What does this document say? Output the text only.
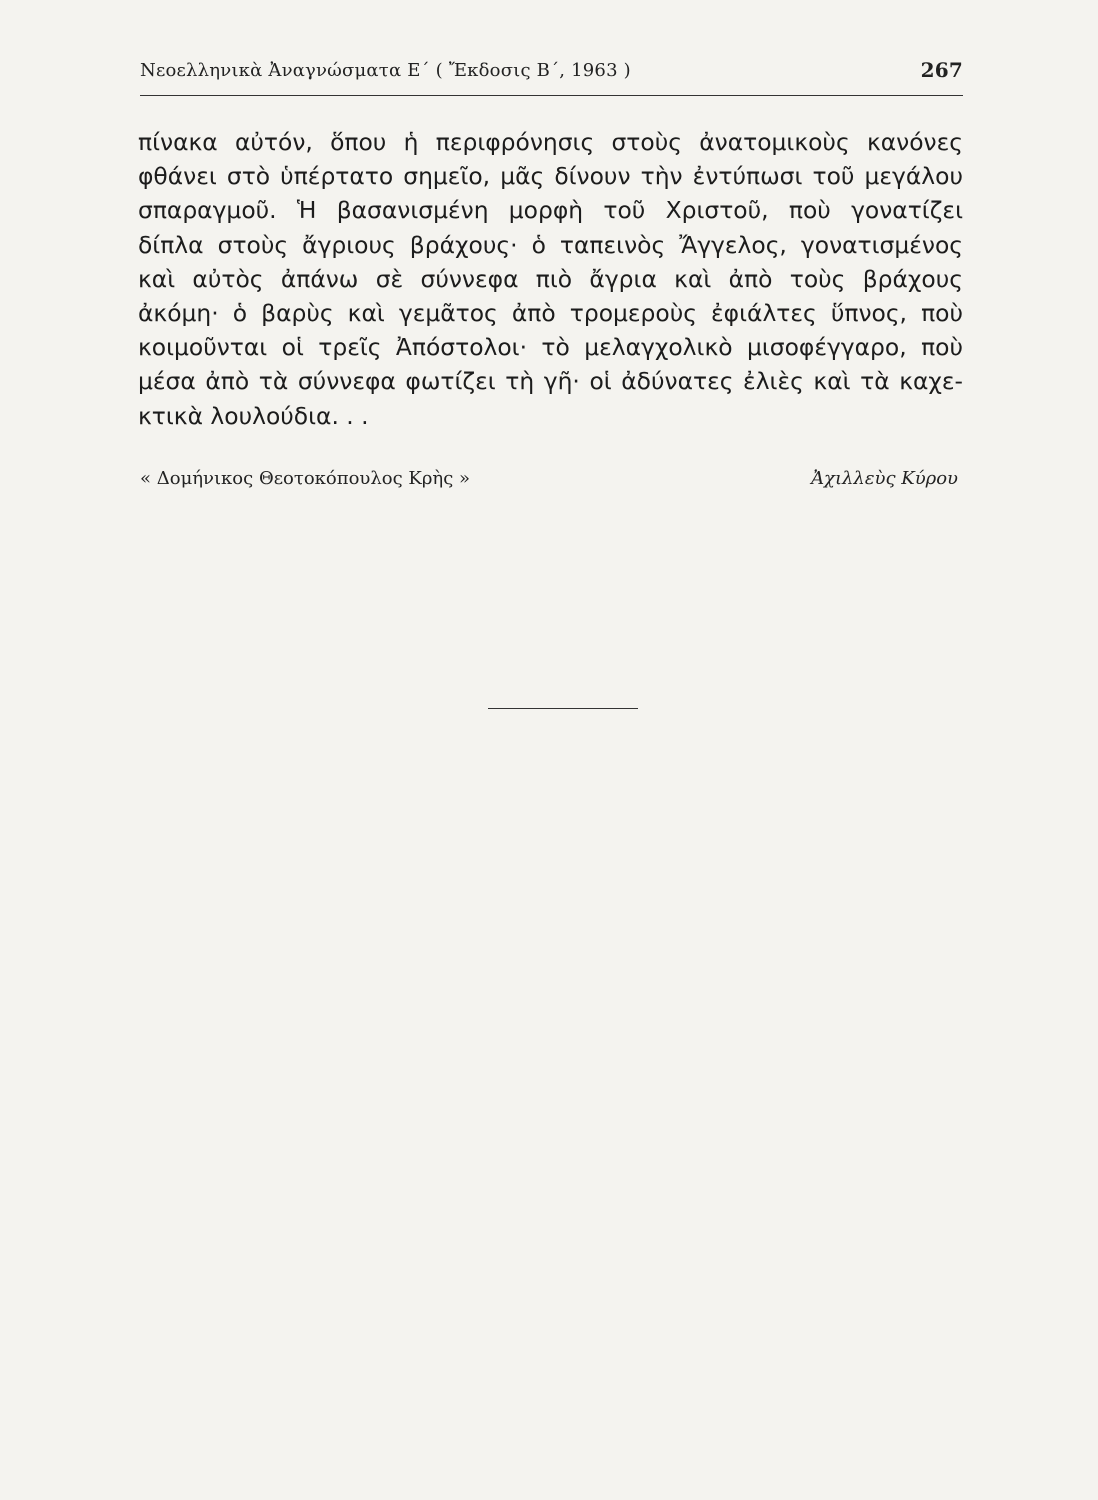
Νεοελληνικὰ Ἀναγνώσματα Ε΄ ( Ἔκδοσις Β΄, 1963 )	267
πίνακα αὐτόν, ὅπου ἡ περιφρόνησις στοὺς ἀνατομικοὺς κανόνες
φθάνει στὸ ὑπέρτατο σημεῖο, μᾶς δίνουν τὴν ἐντύπωσι τοῦ μεγάλου
σπαραγμοῦ. Ἡ βασανισμένη μορφὴ τοῦ Χριστοῦ, ποὺ γονατίζει
δίπλα στοὺς ἄγριους βράχους· ὁ ταπεινὸς Ἄγγελος, γονατισμένος
καὶ αὐτὸς ἀπάνω σὲ σύννεφα πιὸ ἄγρια καὶ ἀπὸ τοὺς βράχους
ἀκόμη· ὁ βαρὺς καὶ γεμᾶτος ἀπὸ τρομεροὺς ἐφιάλτες ὕπνος, ποὺ
κοιμοῦνται οἱ τρεῖς Ἀπόστολοι· τὸ μελαγχολικὸ μισοφέγγαρο, ποὺ
μέσα ἀπὸ τὰ σύννεφα φωτίζει τὴ γῆ· οἱ ἀδύνατες ἐλιὲς καὶ τὰ καχε-
κτικὰ λουλούδια. . .
« Δομήνικος Θεοτοκόπουλος Κρὴς »	Ἀχιλλεὺς Κύρου
